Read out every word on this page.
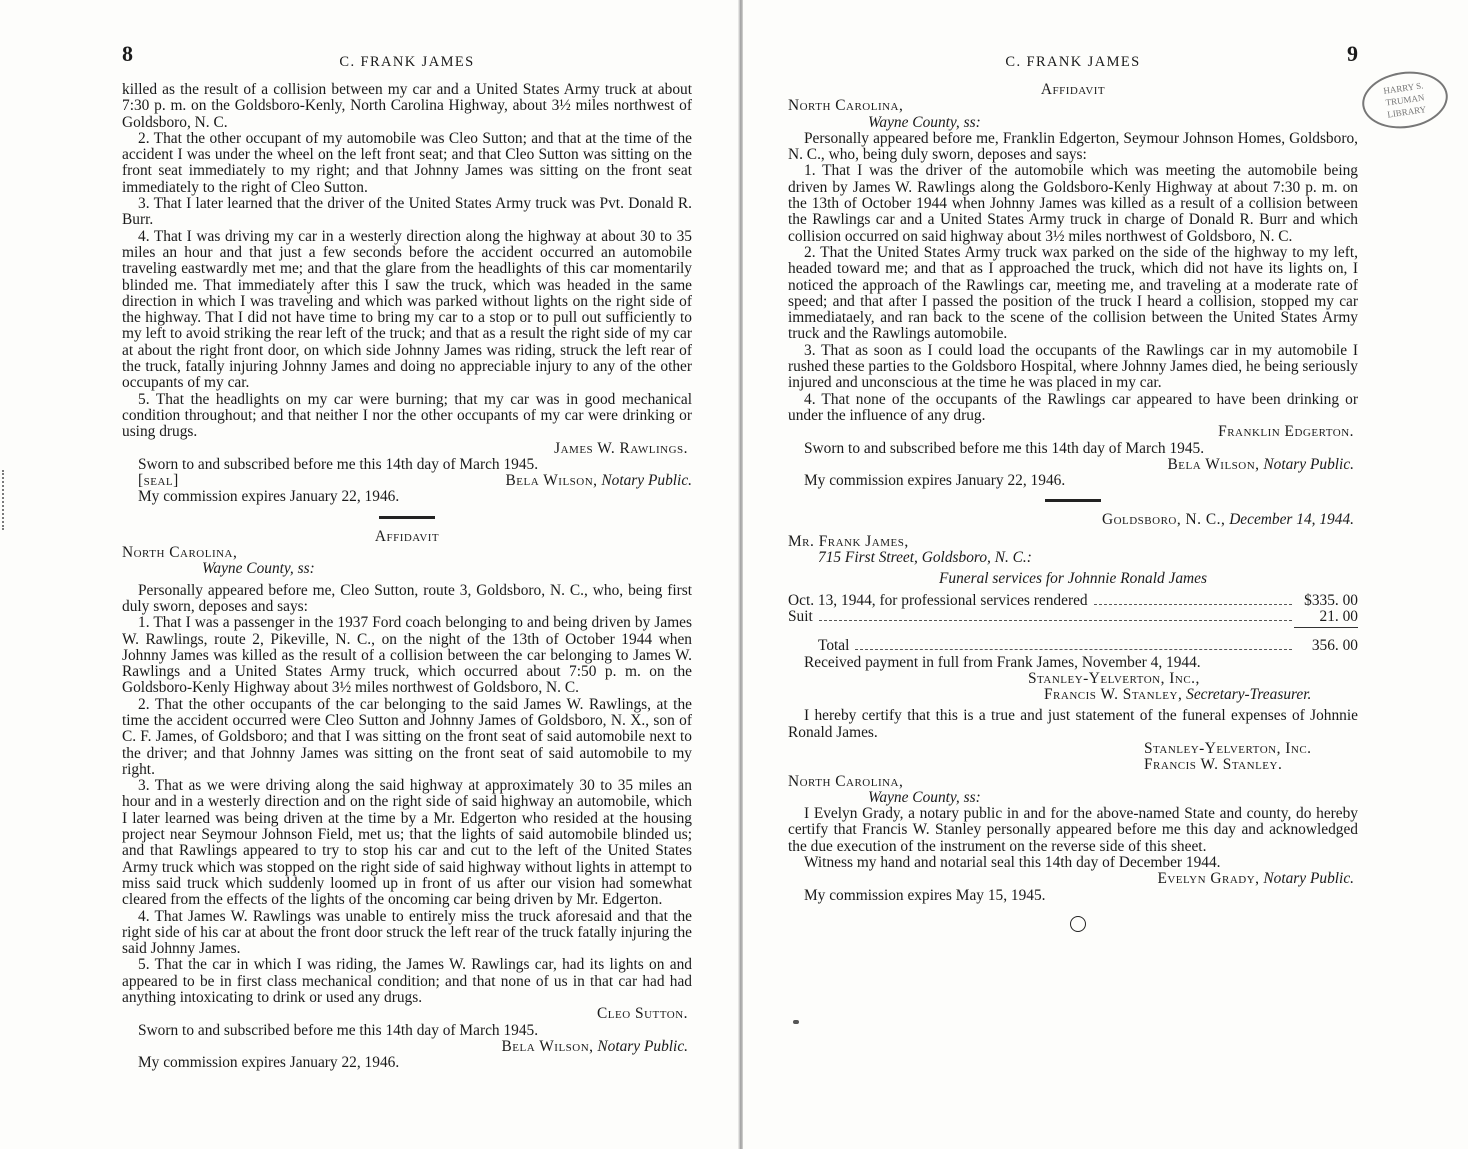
HARRY S.
TRUMAN
LIBRARY
8	C. FRANK JAMES

killed as the result of a collision between my car and a United States Army truck at about 7:30 p. m. on the Goldsboro-Kenly, North Carolina Highway, about 3½ miles northwest of Goldsboro, N. C.

2. That the other occupant of my automobile was Cleo Sutton; and that at the time of the accident I was under the wheel on the left front seat; and that Cleo Sutton was sitting on the front seat immediately to my right; and that Johnny James was sitting on the front seat immediately to the right of Cleo Sutton.

3. That I later learned that the driver of the United States Army truck was Pvt. Donald R. Burr.

4. That I was driving my car in a westerly direction along the highway at about 30 to 35 miles an hour and that just a few seconds before the accident occurred an automobile traveling eastwardly met me; and that the glare from the headlights of this car momentarily blinded me. That immediately after this I saw the truck, which was headed in the same direction in which I was traveling and which was parked without lights on the right side of the highway. That I did not have time to bring my car to a stop or to pull out sufficiently to my left to avoid striking the rear left of the truck; and that as a result the right side of my car at about the right front door, on which side Johnny James was riding, struck the left rear of the truck, fatally injuring Johnny James and doing no appreciable injury to any of the other occupants of my car.

5. That the headlights on my car were burning; that my car was in good mechanical condition throughout; and that neither I nor the other occupants of my car were drinking or using drugs.

James W. Rawlings.

Sworn to and subscribed before me this 14th day of March 1945.

[seal]	Bela Wilson, Notary Public.

My commission expires January 22, 1946.

Affidavit

North Carolina,

Wayne County, ss:

Personally appeared before me, Cleo Sutton, route 3, Goldsboro, N. C., who, being first duly sworn, deposes and says:

1. That I was a passenger in the 1937 Ford coach belonging to and being driven by James W. Rawlings, route 2, Pikeville, N. C., on the night of the 13th of October 1944 when Johnny James was killed as the result of a collision between the car belonging to James W. Rawlings and a United States Army truck, which occurred about 7:50 p. m. on the Goldsboro-Kenly Highway about 3½ miles northwest of Goldsboro, N. C.

2. That the other occupants of the car belonging to the said James W. Rawlings, at the time the accident occurred were Cleo Sutton and Johnny James of Goldsboro, N. X., son of C. F. James, of Goldsboro; and that I was sitting on the front seat of said automobile next to the driver; and that Johnny James was sitting on the front seat of said automobile to my right.

3. That as we were driving along the said highway at approximately 30 to 35 miles an hour and in a westerly direction and on the right side of said highway an automobile, which I later learned was being driven at the time by a Mr. Edgerton who resided at the housing project near Seymour Johnson Field, met us; that the lights of said automobile blinded us; and that Rawlings appeared to try to stop his car and cut to the left of the United States Army truck which was stopped on the right side of said highway without lights in attempt to miss said truck which suddenly loomed up in front of us after our vision had somewhat cleared from the effects of the lights of the oncoming car being driven by Mr. Edgerton.

4. That James W. Rawlings was unable to entirely miss the truck aforesaid and that the right side of his car at about the front door struck the left rear of the truck fatally injuring the said Johnny James.

5. That the car in which I was riding, the James W. Rawlings car, had its lights on and appeared to be in first class mechanical condition; and that none of us in that car had had anything intoxicating to drink or used any drugs.

Cleo Sutton.

Sworn to and subscribed before me this 14th day of March 1945.

Bela Wilson, Notary Public.

My commission expires January 22, 1946.

C. FRANK JAMES	9

Affidavit

North Carolina,

Wayne County, ss:

Personally appeared before me, Franklin Edgerton, Seymour Johnson Homes, Goldsboro, N. C., who, being duly sworn, deposes and says:

1. That I was the driver of the automobile which was meeting the automobile being driven by James W. Rawlings along the Goldsboro-Kenly Highway at about 7:30 p. m. on the 13th of October 1944 when Johnny James was killed as a result of a collision between the Rawlings car and a United States Army truck in charge of Donald R. Burr and which collision occurred on said highway about 3½ miles northwest of Goldsboro, N. C.

2. That the United States Army truck wax parked on the side of the highway to my left, headed toward me; and that as I approached the truck, which did not have its lights on, I noticed the approach of the Rawlings car, meeting me, and traveling at a moderate rate of speed; and that after I passed the position of the truck I heard a collision, stopped my car immediataely, and ran back to the scene of the collision between the United States Army truck and the Rawlings automobile.

3. That as soon as I could load the occupants of the Rawlings car in my automobile I rushed these parties to the Goldsboro Hospital, where Johnny James died, he being seriously injured and unconscious at the time he was placed in my car.

4. That none of the occupants of the Rawlings car appeared to have been drinking or under the influence of any drug.

Franklin Edgerton.

Sworn to and subscribed before me this 14th day of March 1945.

Bela Wilson, Notary Public.

My commission expires January 22, 1946.

Goldsboro, N. C., December 14, 1944.

Mr. Frank James,

715 First Street, Goldsboro, N. C.:

Funeral services for Johnnie Ronald James

Oct. 13, 1944, for professional services rendered	$335. 00
Suit	21. 00
Total	356. 00

Received payment in full from Frank James, November 4, 1944.

Stanley-Yelverton, Inc.,

Francis W. Stanley, Secretary-Treasurer.

I hereby certify that this is a true and just statement of the funeral expenses of Johnnie Ronald James.

Stanley-Yelverton, Inc.

Francis W. Stanley.

North Carolina,

Wayne County, ss:

I Evelyn Grady, a notary public in and for the above-named State and county, do hereby certify that Francis W. Stanley personally appeared before me this day and acknowledged the due execution of the instrument on the reverse side of this sheet.

Witness my hand and notarial seal this 14th day of December 1944.

Evelyn Grady, Notary Public.

My commission expires May 15, 1945.
